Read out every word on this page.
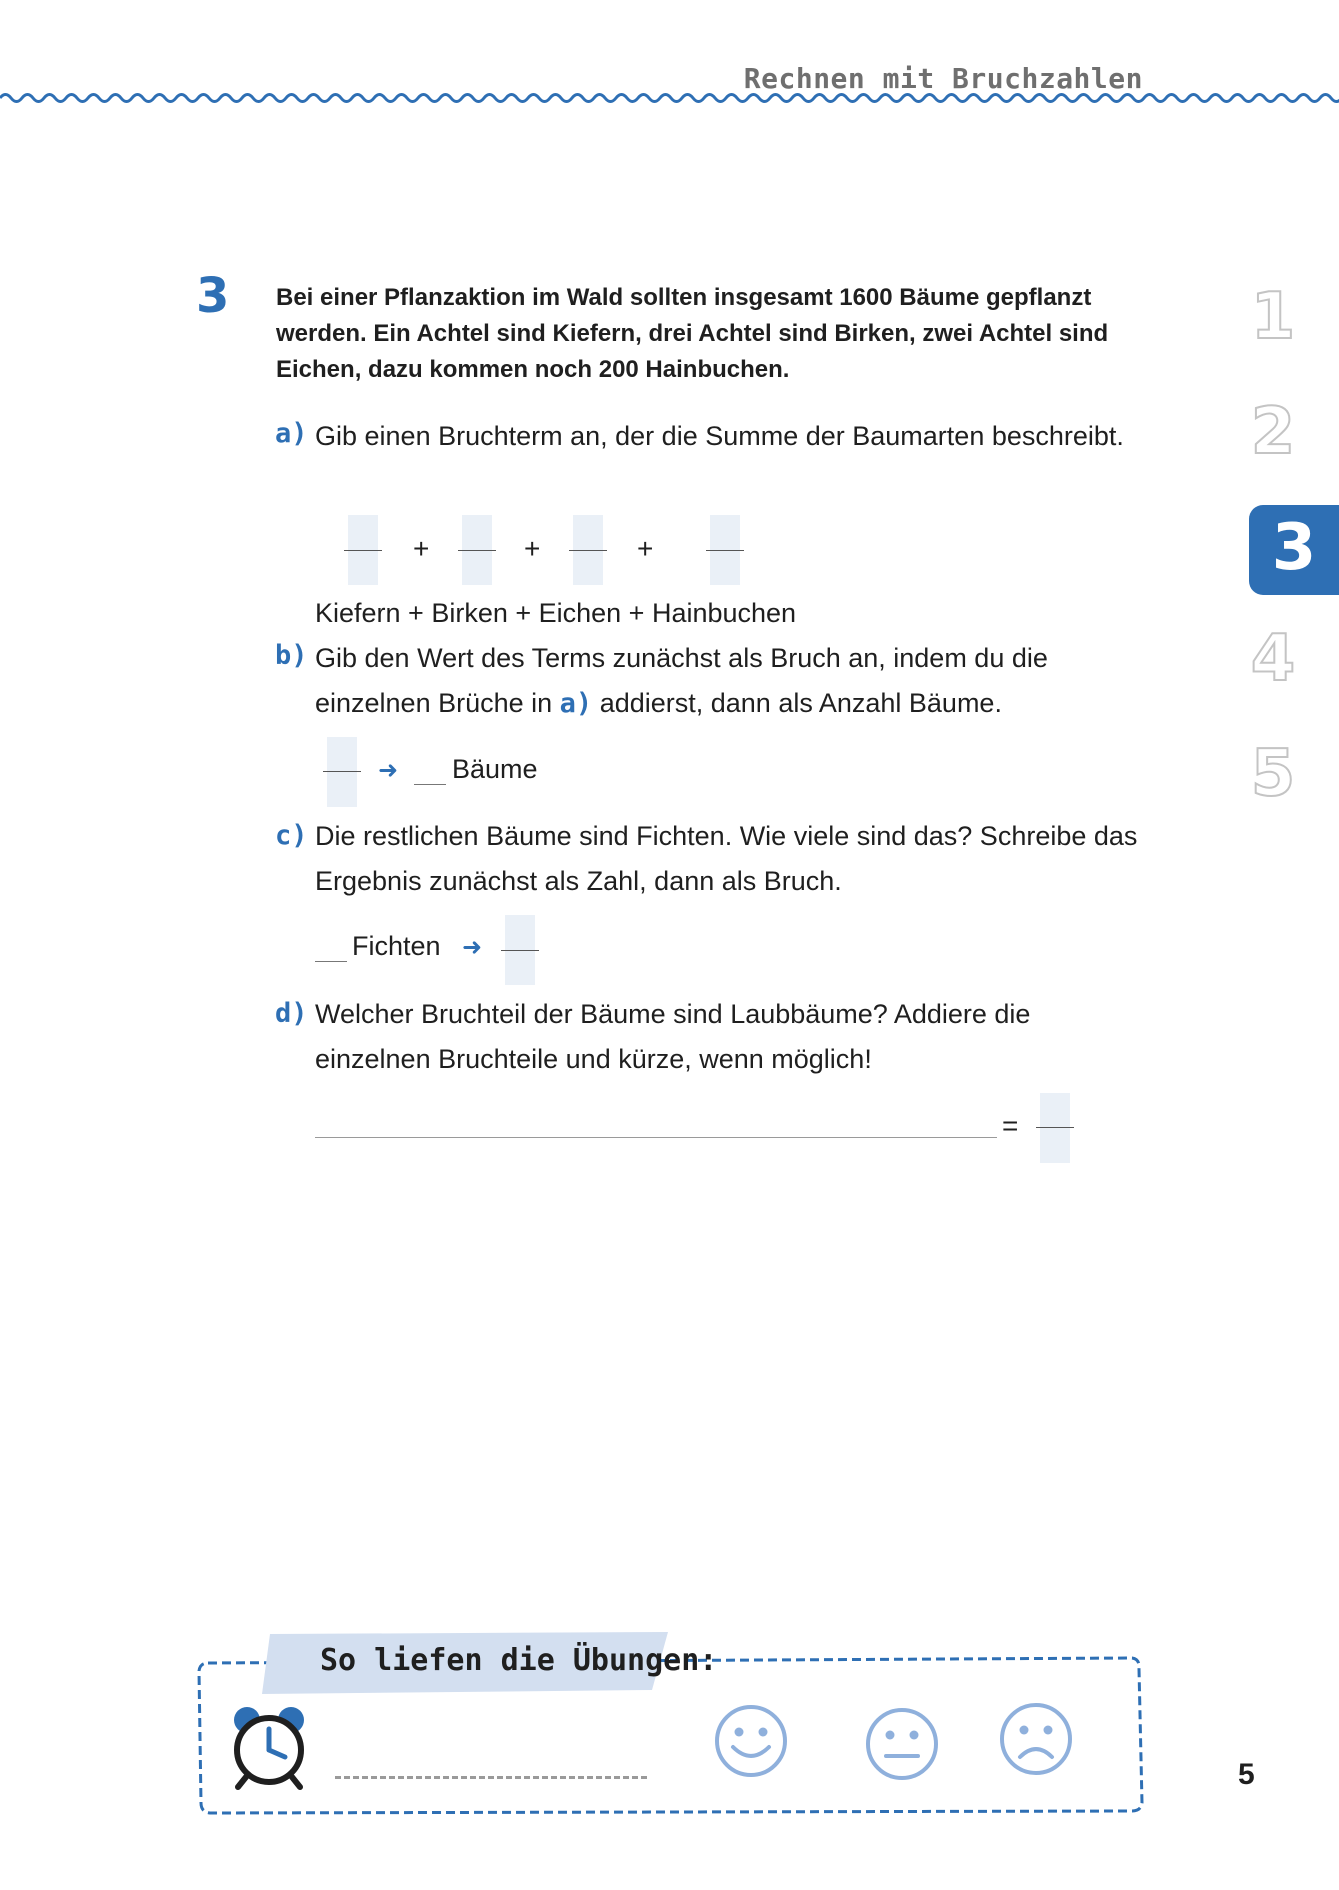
Rechnen mit Bruchzahlen
1
2
3
4
5
3 Bei einer Pflanzaktion im Wald sollten insgesamt 1600 Bäume gepflanzt werden. Ein Achtel sind Kiefern, drei Achtel sind Birken, zwei Achtel sind Eichen, dazu kommen noch 200 Hainbuchen.
a) Gib einen Bruchterm an, der die Summe der Baumarten beschreibt.
+	+	+
Kiefern + Birken + Eichen + Hainbuchen
b) Gib den Wert des Terms zunächst als Bruch an, indem du die einzelnen Brüche in a) addierst, dann als Anzahl Bäume.
➜ Bäume
c) Die restlichen Bäume sind Fichten. Wie viele sind das? Schreibe das Ergebnis zunächst als Zahl, dann als Bruch.
Fichten ➜
d) Welcher Bruchteil der Bäume sind Laubbäume? Addiere die einzelnen Bruchteile und kürze, wenn möglich!
=
So liefen die Übungen:
5
